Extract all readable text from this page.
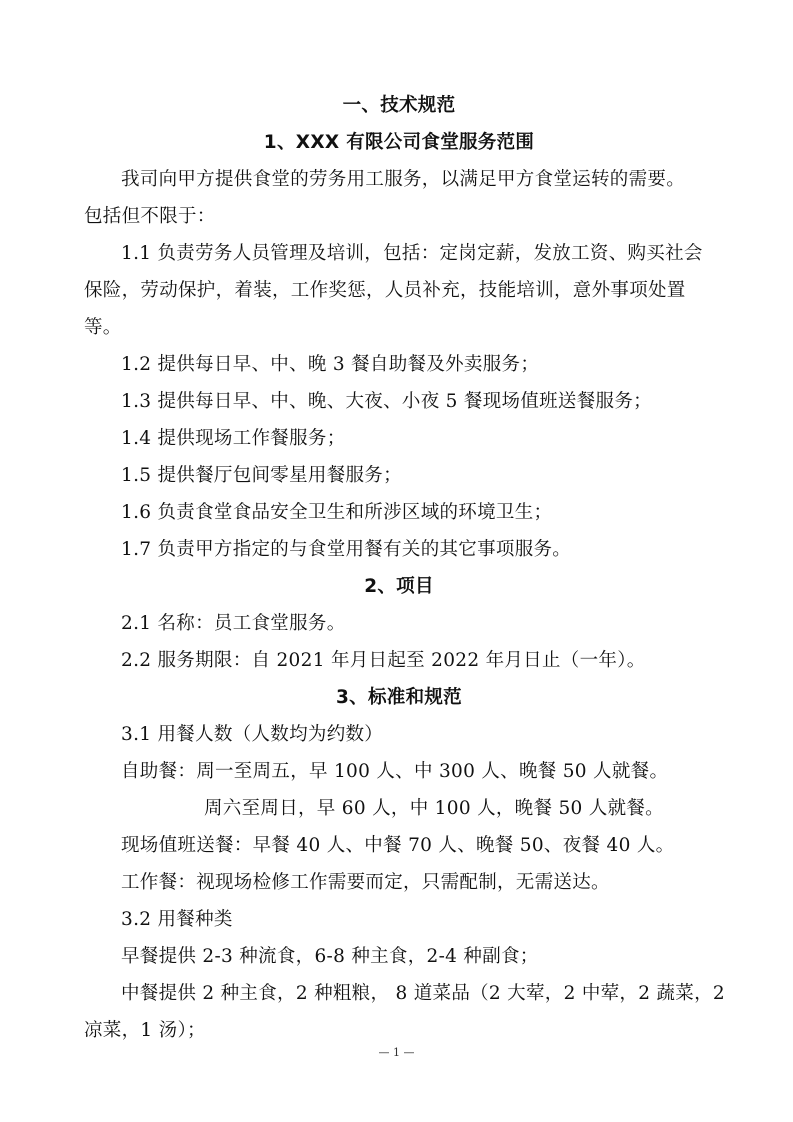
一、技术规范
1、XXX 有限公司食堂服务范围
我司向甲方提供食堂的劳务用工服务，以满足甲方食堂运转的需要。
包括但不限于：
1.1 负责劳务人员管理及培训，包括：定岗定薪，发放工资、购买社会
保险，劳动保护，着装，工作奖惩，人员补充，技能培训，意外事项处置
等。
1.2 提供每日早、中、晚 3 餐自助餐及外卖服务；
1.3 提供每日早、中、晚、大夜、小夜 5 餐现场值班送餐服务；
1.4 提供现场工作餐服务；
1.5 提供餐厅包间零星用餐服务；
1.6 负责食堂食品安全卫生和所涉区域的环境卫生；
1.7 负责甲方指定的与食堂用餐有关的其它事项服务。
2、项目
2.1 名称：员工食堂服务。
2.2 服务期限：自 2021 年月日起至 2022 年月日止（一年）。
3、标准和规范
3.1 用餐人数（人数均为约数）
自助餐：周一至周五，早 100 人、中 300 人、晚餐 50 人就餐。
周六至周日，早 60 人，中 100 人，晚餐 50 人就餐。
现场值班送餐：早餐 40 人、中餐 70 人、晚餐 50、夜餐 40 人。
工作餐：视现场检修工作需要而定，只需配制，无需送达。
3.2 用餐种类
早餐提供 2-3 种流食，6-8 种主食，2-4 种副食；
中餐提供 2 种主食，2 种粗粮， 8 道菜品（2 大荤，2 中荤，2 蔬菜，2
凉菜，1 汤）；
— 1 —
